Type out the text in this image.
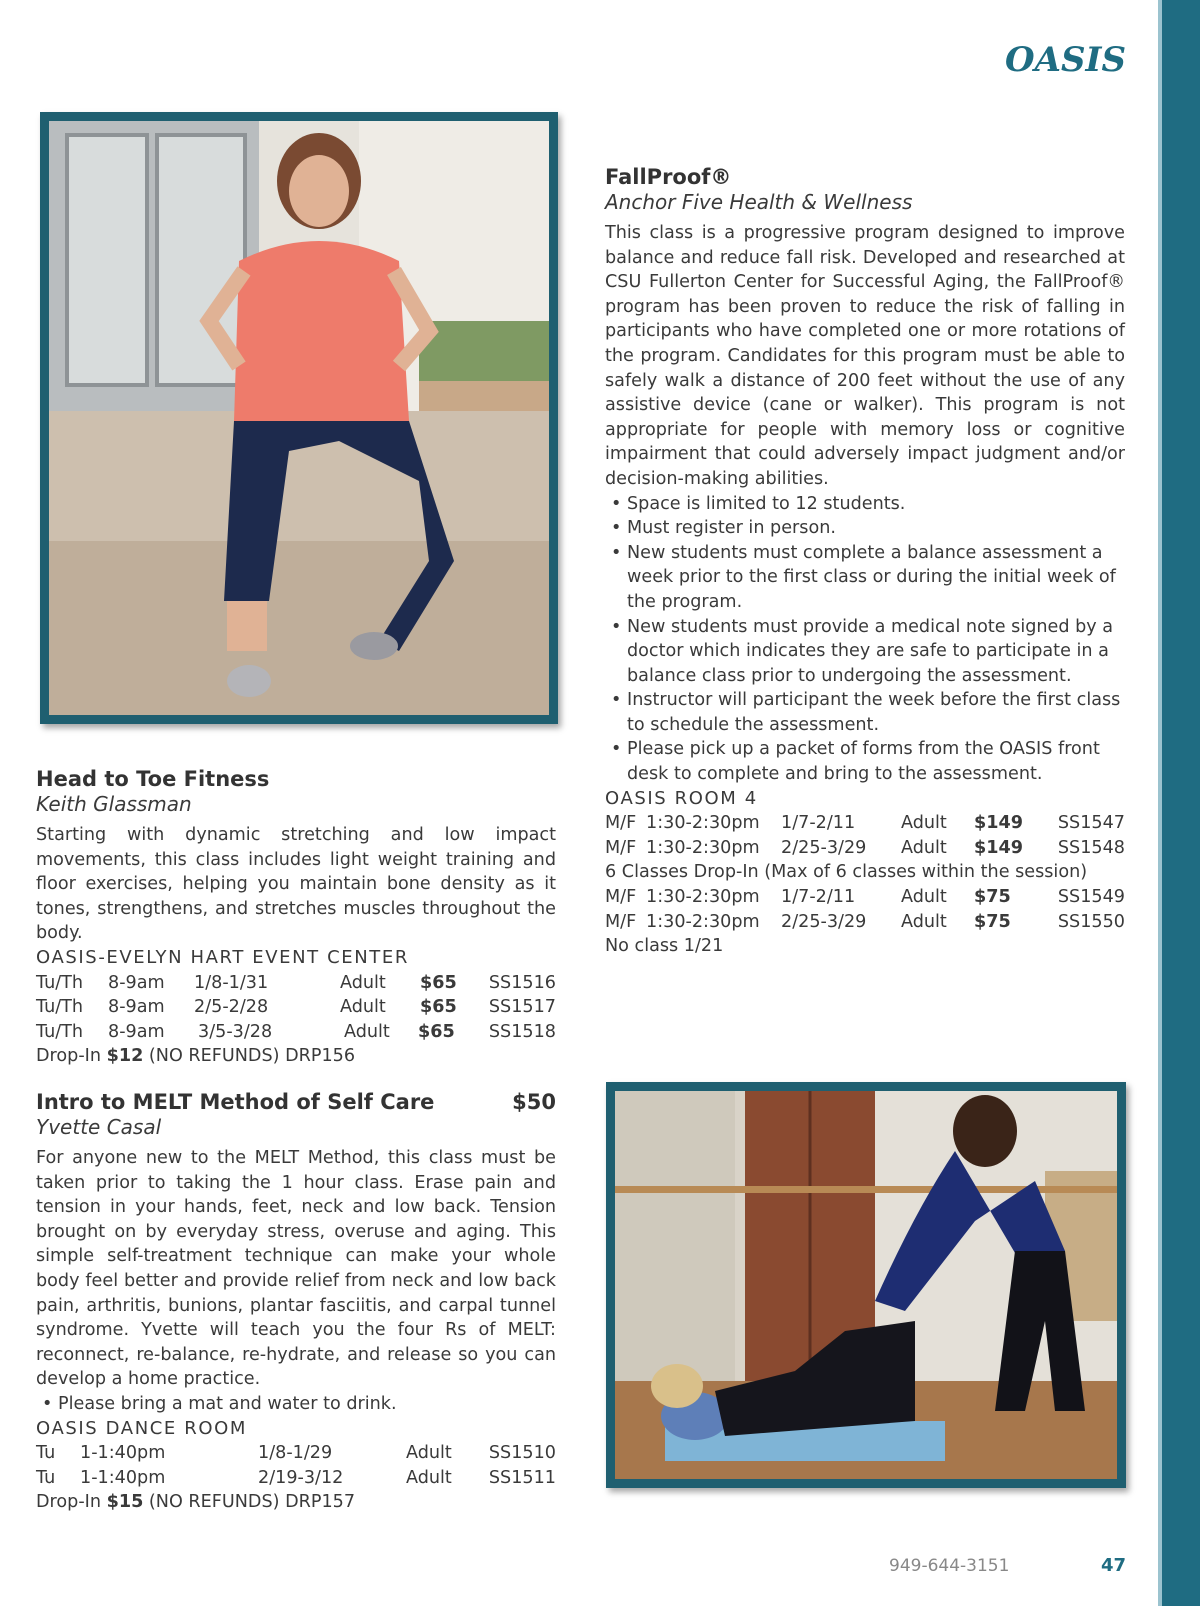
OASIS
Head to Toe Fitness
Keith Glassman
Starting with dynamic stretching and low impact movements, this class includes light weight training and floor exercises, helping you maintain bone density as it tones, strengthens, and stretches muscles throughout the body.
OASIS-EVELYN HART EVENT CENTER
Tu/Th 8-9am 1/8-1/31	Adult $65 SS1516
Tu/Th 8-9am 2/5-2/28	Adult $65 SS1517
Tu/Th 8-9am 3/5-3/28	Adult $65 SS1518
Drop-In $12 (NO REFUNDS) DRP156
Intro to MELT Method of Self Care	$50
Yvette Casal
For anyone new to the MELT Method, this class must be taken prior to taking the 1 hour class. Erase pain and tension in your hands, feet, neck and low back. Tension brought on by everyday stress, overuse and aging. This simple self-treatment technique can make your whole body feel better and provide relief from neck and low back pain, arthritis, bunions, plantar fasciitis, and carpal tunnel syndrome. Yvette will teach you the four Rs of MELT: reconnect, re-balance, re-hydrate, and release so you can develop a home practice.
• Please bring a mat and water to drink.
OASIS DANCE ROOM
Tu 1-1:40pm	1/8-1/29	Adult SS1510
Tu 1-1:40pm	2/19-3/12	Adult SS1511
Drop-In $15 (NO REFUNDS) DRP157
FallProof®
Anchor Five Health & Wellness
This class is a progressive program designed to improve balance and reduce fall risk. Developed and researched at CSU Fullerton Center for Successful Aging, the FallProof® program has been proven to reduce the risk of falling in participants who have completed one or more rotations of the program. Candidates for this program must be able to safely walk a distance of 200 feet without the use of any assistive device (cane or walker). This program is not appropriate for people with memory loss or cognitive impairment that could adversely impact judgment and/or decision-making abilities.
• Space is limited to 12 students.
• Must register in person.
• New students must complete a balance assessment a week prior to the first class or during the initial week of the program.
• New students must provide a medical note signed by a doctor which indicates they are safe to participate in a balance class prior to undergoing the assessment.
• Instructor will participant the week before the first class to schedule the assessment.
• Please pick up a packet of forms from the OASIS front desk to complete and bring to the assessment.
OASIS ROOM 4
M/F 1:30-2:30pm 1/7-2/11	Adult $149 SS1547
M/F 1:30-2:30pm 2/25-3/29 Adult $149 SS1548
6 Classes Drop-In (Max of 6 classes within the session)
M/F 1:30-2:30pm 1/7-2/11	Adult $75	SS1549
M/F 1:30-2:30pm 2/25-3/29 Adult $75	SS1550
No class 1/21
949-644-3151	47
